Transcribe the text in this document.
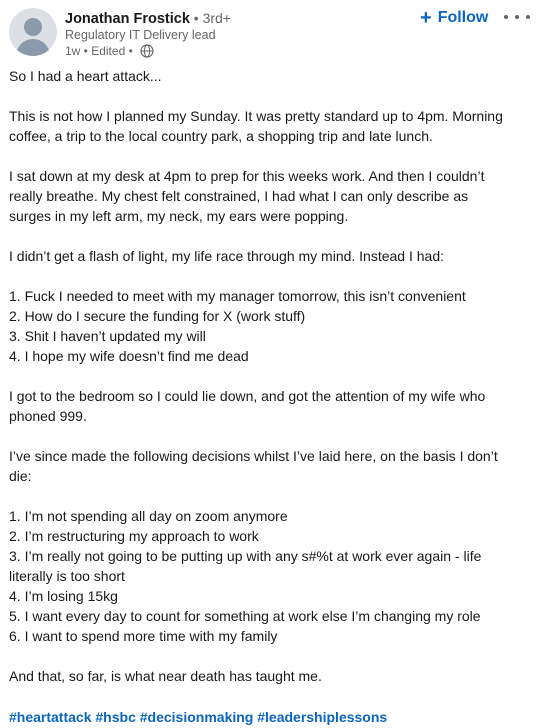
Jonathan Frostick • 3rd+
Regulatory IT Delivery lead
1w • Edited •
+ Follow

So I had a heart attack...

This is not how I planned my Sunday. It was pretty standard up to 4pm. Morning

coffee, a trip to the local country park, a shopping trip and late lunch.

I sat down at my desk at 4pm to prep for this weeks work. And then I couldn’t

really breathe. My chest felt constrained, I had what I can only describe as

surges in my left arm, my neck, my ears were popping.

I didn’t get a flash of light, my life race through my mind. Instead I had:

1. Fuck I needed to meet with my manager tomorrow, this isn’t convenient

2. How do I secure the funding for X (work stuff)

3. Shit I haven’t updated my will

4. I hope my wife doesn’t find me dead

I got to the bedroom so I could lie down, and got the attention of my wife who

phoned 999.

I’ve since made the following decisions whilst I’ve laid here, on the basis I don’t

die:

1. I’m not spending all day on zoom anymore

2. I’m restructuring my approach to work

3. I’m really not going to be putting up with any s#%t at work ever again - life

literally is too short

4. I’m losing 15kg

5. I want every day to count for something at work else I’m changing my role

6. I want to spend more time with my family

And that, so far, is what near death has taught me.

#heartattack #hsbc #decisionmaking #leadershiplessons
